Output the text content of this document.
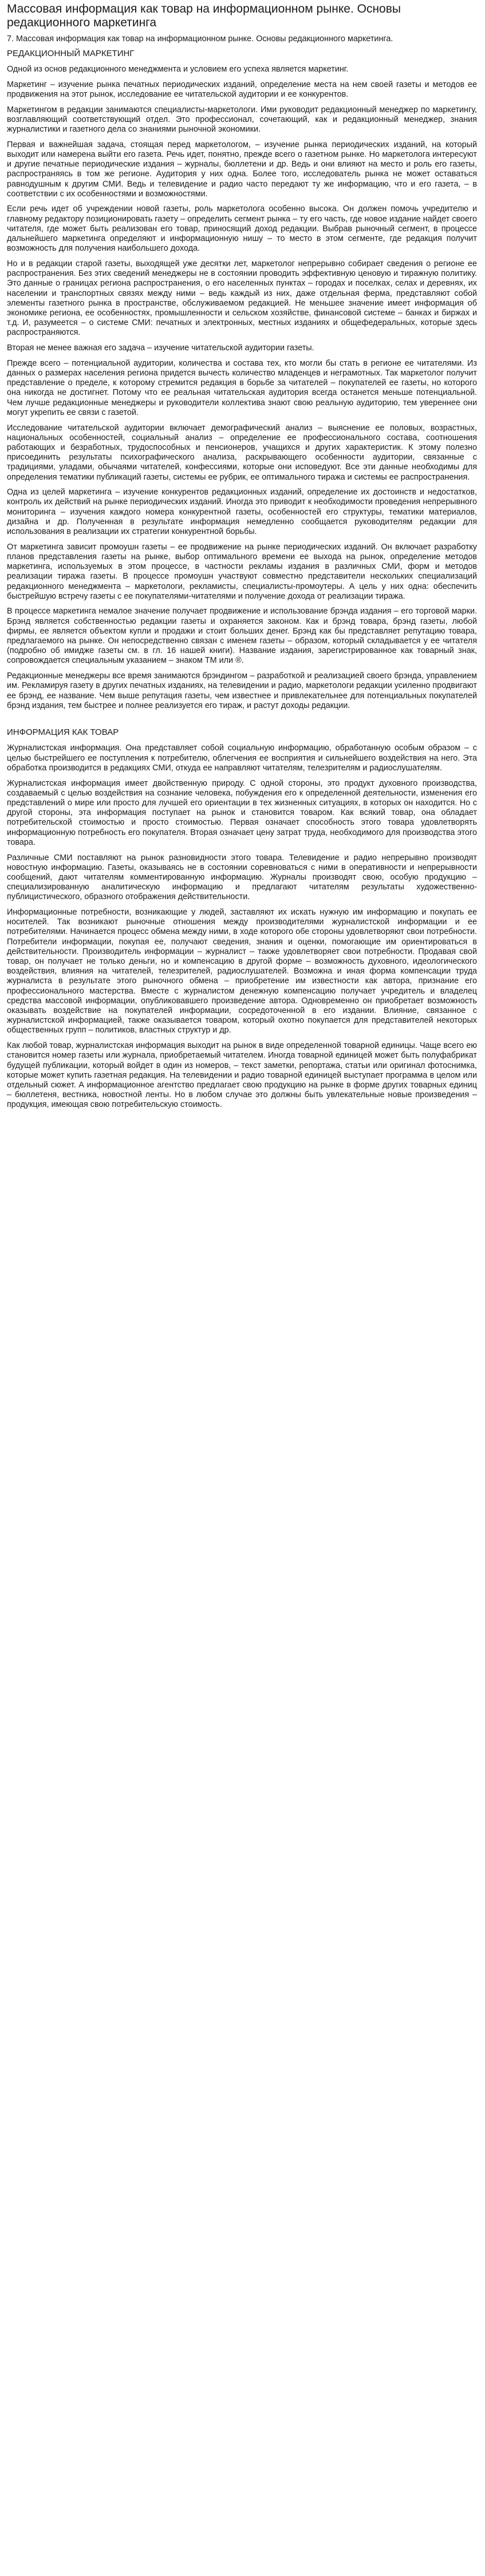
Массовая информация как товар на информационном рынке. Основы редакционного маркетинга

7. Массовая информация как товар на информационном рынке. Основы редакционного маркетинга.

РЕДАКЦИОННЫЙ МАРКЕТИНГ

Одной из основ редакционного менеджмента и условием его успеха является маркетинг.

Маркетинг – изучение рынка печатных периодических изданий, определение места на нем своей газеты и методов ее продвижения на этот рынок, исследование ее читательской аудитории и ее конкурентов.

Маркетингом в редакции занимаются специалисты-маркетологи. Ими руководит редакционный менеджер по маркетингу, возглавляющий соответствующий отдел. Это профессионал, сочетающий, как и редакционный менеджер, знания журналистики и газетного дела со знаниями рыночной экономики.

Первая и важнейшая задача, стоящая перед маркетологом, – изучение рынка периодических изданий, на который выходит или намерена выйти его газета. Речь идет, понятно, прежде всего о газетном рынке. Но маркетолога интересуют и другие печатные периодические издания – журналы, бюллетени и др. Ведь и они влияют на место и роль его газеты, распространяясь в том же регионе. Аудитория у них одна. Более того, исследователь рынка не может оставаться равнодушным к другим СМИ. Ведь и телевидение и радио часто передают ту же информацию, что и его газета, – в соответствии с их особенностями и возможностями.

Если речь идет об учреждении новой газеты, роль маркетолога особенно высока. Он должен помочь учредителю и главному редактору позиционировать газету – определить сегмент рынка – ту его часть, где новое издание найдет своего читателя, где может быть реализован его товар, приносящий доход редакции. Выбрав рыночный сегмент, в процессе дальнейшего маркетинга определяют и информационную нишу – то место в этом сегменте, где редакция получит возможность для получения наибольшего дохода.

Но и в редакции старой газеты, выходящей уже десятки лет, маркетолог непрерывно собирает сведения о регионе ее распространения. Без этих сведений менеджеры не в состоянии проводить эффективную ценовую и тиражную политику. Это данные о границах региона распространения, о его населенных пунктах – городах и поселках, селах и деревнях, их населении и транспортных связях между ними – ведь каждый из них, даже отдельная ферма, представляют собой элементы газетного рынка в пространстве, обслуживаемом редакцией. Не меньшее значение имеет информация об экономике региона, ее особенностях, промышленности и сельском хозяйстве, финансовой системе – банках и биржах и т.д. И, разумеется – о системе СМИ: печатных и электронных, местных изданиях и общефедеральных, которые здесь распространяются.

Вторая не менее важная его задача – изучение читательской аудитории газеты.

Прежде всего – потенциальной аудитории, количества и состава тех, кто могли бы стать в регионе ее читателями. Из данных о размерах населения региона придется вычесть количество младенцев и неграмотных. Так маркетолог получит представление о пределе, к которому стремится редакция в борьбе за читателей – покупателей ее газеты, но которого она никогда не достигнет. Потому что ее реальная читательская аудитория всегда останется меньше потенциальной. Чем лучше редакционные менеджеры и руководители коллектива знают свою реальную аудиторию, тем увереннее они могут укрепить ее связи с газетой.

Исследование читательской аудитории включает демографический анализ – выяснение ее половых, возрастных, национальных особенностей, социальный анализ – определение ее профессионального состава, соотношения работающих и безработных, трудоспособных и пенсионеров, учащихся и других характеристик. К этому полезно присоединить результаты психографического анализа, раскрывающего особенности аудитории, связанные с традициями, уладами, обычаями читателей, конфессиями, которые они исповедуют. Все эти данные необходимы для определения тематики публикаций газеты, системы ее рубрик, ее оптимального тиража и системы ее распространения.

Одна из целей маркетинга – изучение конкурентов редакционных изданий, определение их достоинств и недостатков, контроль их действий на рынке периодических изданий. Иногда это приводит к необходимости проведения непрерывного мониторинга – изучения каждого номера конкурентной газеты, особенностей его структуры, тематики материалов, дизайна и др. Полученная в результате информация немедленно сообщается руководителям редакции для использования в реализации их стратегии конкурентной борьбы.

От маркетинга зависит промоушн газеты – ее продвижение на рынке периодических изданий. Он включает разработку планов представления газеты на рынке, выбор оптимального времени ее выхода на рынок, определение методов маркетинга, используемых в этом процессе, в частности рекламы издания в различных СМИ, форм и методов реализации тиража газеты. В процессе промоушн участвуют совместно представители нескольких специализаций редакционного менеджмента – маркетологи, рекламисты, специалисты-промоутеры. А цель у них одна: обеспечить быстрейшую встречу газеты с ее покупателями-читателями и получение дохода от реализации тиража.

В процессе маркетинга немалое значение получает продвижение и использование брэнда издания – его торговой марки. Брэнд является собственностью редакции газеты и охраняется законом. Как и брэнд товара, брэнд газеты, любой фирмы, ее является объектом купли и продажи и стоит больших денег. Брэнд как бы представляет репутацию товара, предлагаемого на рынке. Он непосредственно связан с именем газеты – образом, который складывается у ее читателя (подробно об имидже газеты см. в гл. 16 нашей книги). Название издания, зарегистрированное как товарный знак, сопровождается специальным указанием – знаком ТМ или ®.

Редакционные менеджеры все время занимаются брэндингом – разработкой и реализацией своего брэнда, управлением им. Рекламируя газету в других печатных изданиях, на телевидении и радио, маркетологи редакции усиленно продвигают ее брэнд, ее название. Чем выше репутация газеты, чем известнее и привлекательнее для потенциальных покупателей брэнд издания, тем быстрее и полнее реализуется его тираж, и растут доходы редакции.

ИНФОРМАЦИЯ КАК ТОВАР

Журналистская информация. Она представляет собой социальную информацию, обработанную особым образом – с целью быстрейшего ее поступления к потребителю, облегчения ее восприятия и сильнейшего воздействия на него. Эта обработка производится в редакциях СМИ, откуда ее направляют читателям, телезрителям и радиослушателям.

Журналистская информация имеет двойственную природу. С одной стороны, это продукт духовного производства, создаваемый с целью воздействия на сознание человека, побуждения его к определенной деятельности, изменения его представлений о мире или просто для лучшей его ориентации в тех жизненных ситуациях, в которых он находится. Но с другой стороны, эта информация поступает на рынок и становится товаром. Как всякий товар, она обладает потребительской стоимостью и просто стоимостью. Первая означает способность этого товара удовлетворять информационную потребность его покупателя. Вторая означает цену затрат труда, необходимого для производства этого товара.

Различные СМИ поставляют на рынок разновидности этого товара. Телевидение и радио непрерывно производят новостную информацию. Газеты, оказываясь не в состоянии соревноваться с ними в оперативности и непрерывности сообщений, дают читателям комментированную информацию. Журналы производят свою, особую продукцию – специализированную аналитическую информацию и предлагают читателям результаты художественно-публицистического, образного отображения действительности.

Информационные потребности, возникающие у людей, заставляют их искать нужную им информацию и покупать ее носителей. Так возникают рыночные отношения между производителями журналистской информации и ее потребителями. Начинается процесс обмена между ними, в ходе которого обе стороны удовлетворяют свои потребности. Потребители информации, покупая ее, получают сведения, знания и оценки, помогающие им ориентироваться в действительности. Производитель информации – журналист – также удовлетворяет свои потребности. Продавая свой товар, он получает не только деньги, но и компенсацию в другой форме – возможность духовного, идеологического воздействия, влияния на читателей, телезрителей, радиослушателей. Возможна и иная форма компенсации труда журналиста в результате этого рыночного обмена – приобретение им известности как автора, признание его профессионального мастерства. Вместе с журналистом денежную компенсацию получает учредитель и владелец средства массовой информации, опубликовавшего произведение автора. Одновременно он приобретает возможность оказывать воздействие на покупателей информации, сосредоточенной в его издании. Влияние, связанное с журналистской информацией, также оказывается товаром, который охотно покупается для представителей некоторых общественных групп – политиков, властных структур и др.

Как любой товар, журналистская информация выходит на рынок в виде определенной товарной единицы. Чаще всего ею становится номер газеты или журнала, приобретаемый читателем. Иногда товарной единицей может быть полуфабрикат будущей публикации, который войдет в один из номеров, – текст заметки, репортажа, статьи или оригинал фотоснимка, которые может купить газетная редакция. На телевидении и радио товарной единицей выступает программа в целом или отдельный сюжет. А информационное агентство предлагает свою продукцию на рынке в форме других товарных единиц – бюллетеня, вестника, новостной ленты. Но в любом случае это должны быть увлекательные новые произведения – продукция, имеющая свою потребительскую стоимость.
